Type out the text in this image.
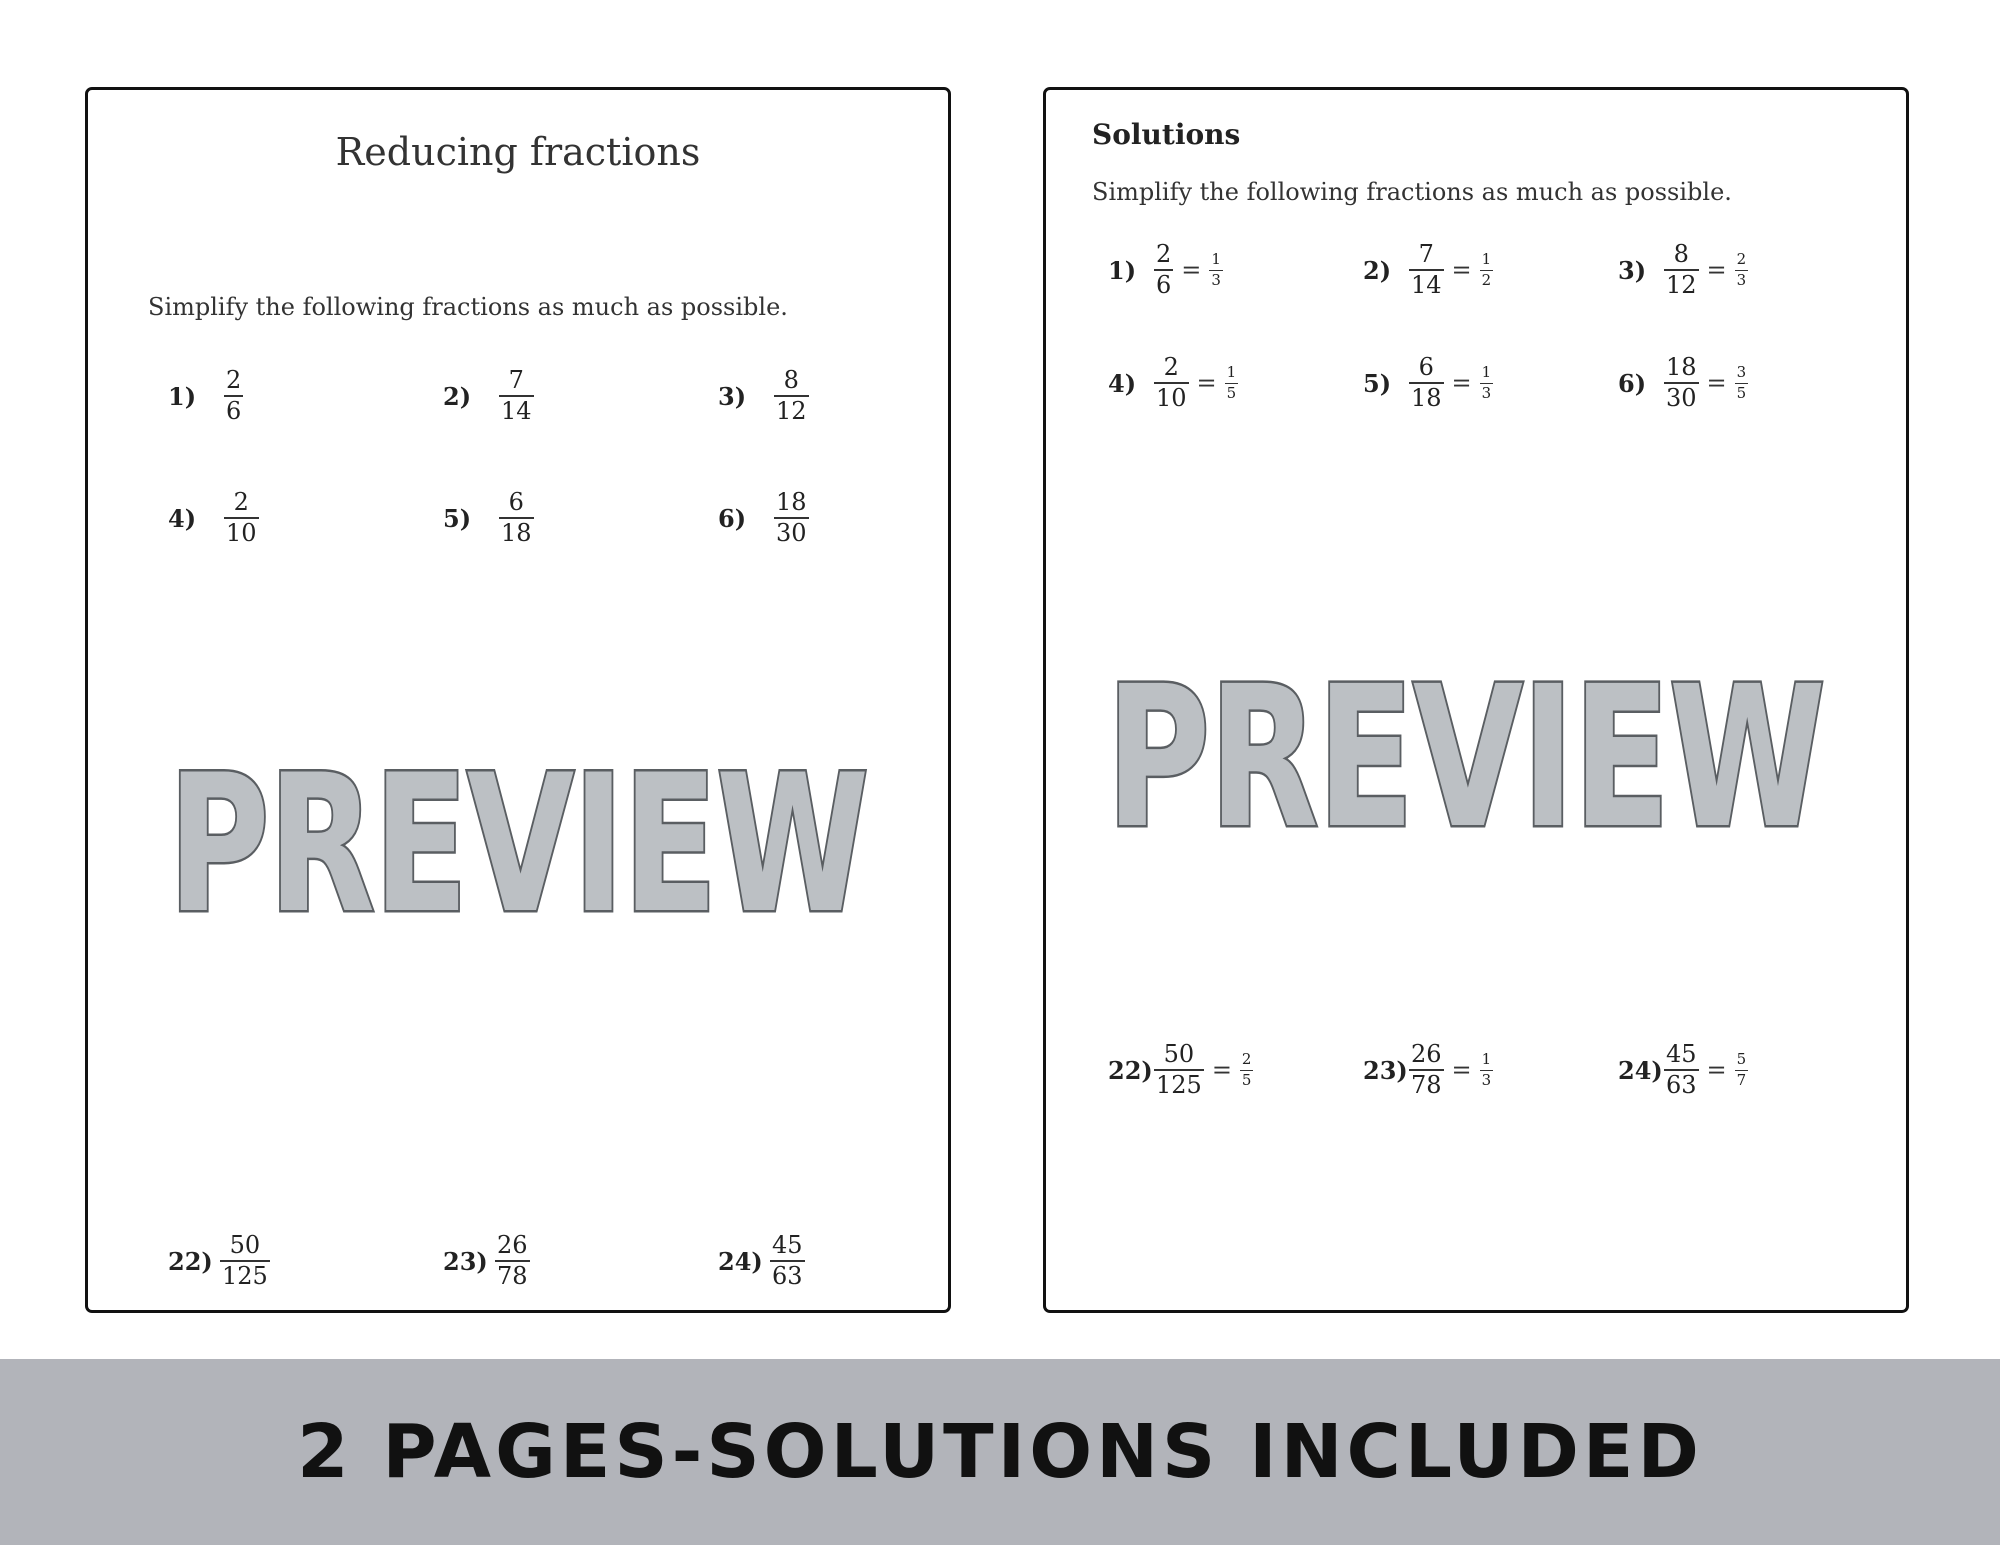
Reducing fractions
Simplify the following fractions as much as possible.
1)	$\frac{2}{6}$	2)	$\frac{7}{14}$	3)	$\frac{8}{12}$
4)	$\frac{2}{10}$	5)	$\frac{6}{18}$	6)	$\frac{18}{30}$
$22) \frac{50}{125}$	$23) \frac{26}{78}$	$24) \frac{45}{63}$
PREVIEW
Solutions
Simplify the following fractions as much as possible.
$1) \frac{2}{6} = \frac{1}{3}$	$2) \frac{7}{14} = \frac{1}{2}$	$3) \frac{8}{12} = \frac{2}{3}$
$4) \frac{2}{10} = \frac{1}{5}$	$5) \frac{6}{18} = \frac{1}{3}$	$6) \frac{18}{30} = \frac{3}{5}$
$22) \frac{50}{125} = \frac{2}{5}$	$23) \frac{26}{78} = \frac{1}{3}$	$24) \frac{45}{63} = \frac{5}{7}$
PREVIEW
2 PAGES-SOLUTIONS INCLUDED
